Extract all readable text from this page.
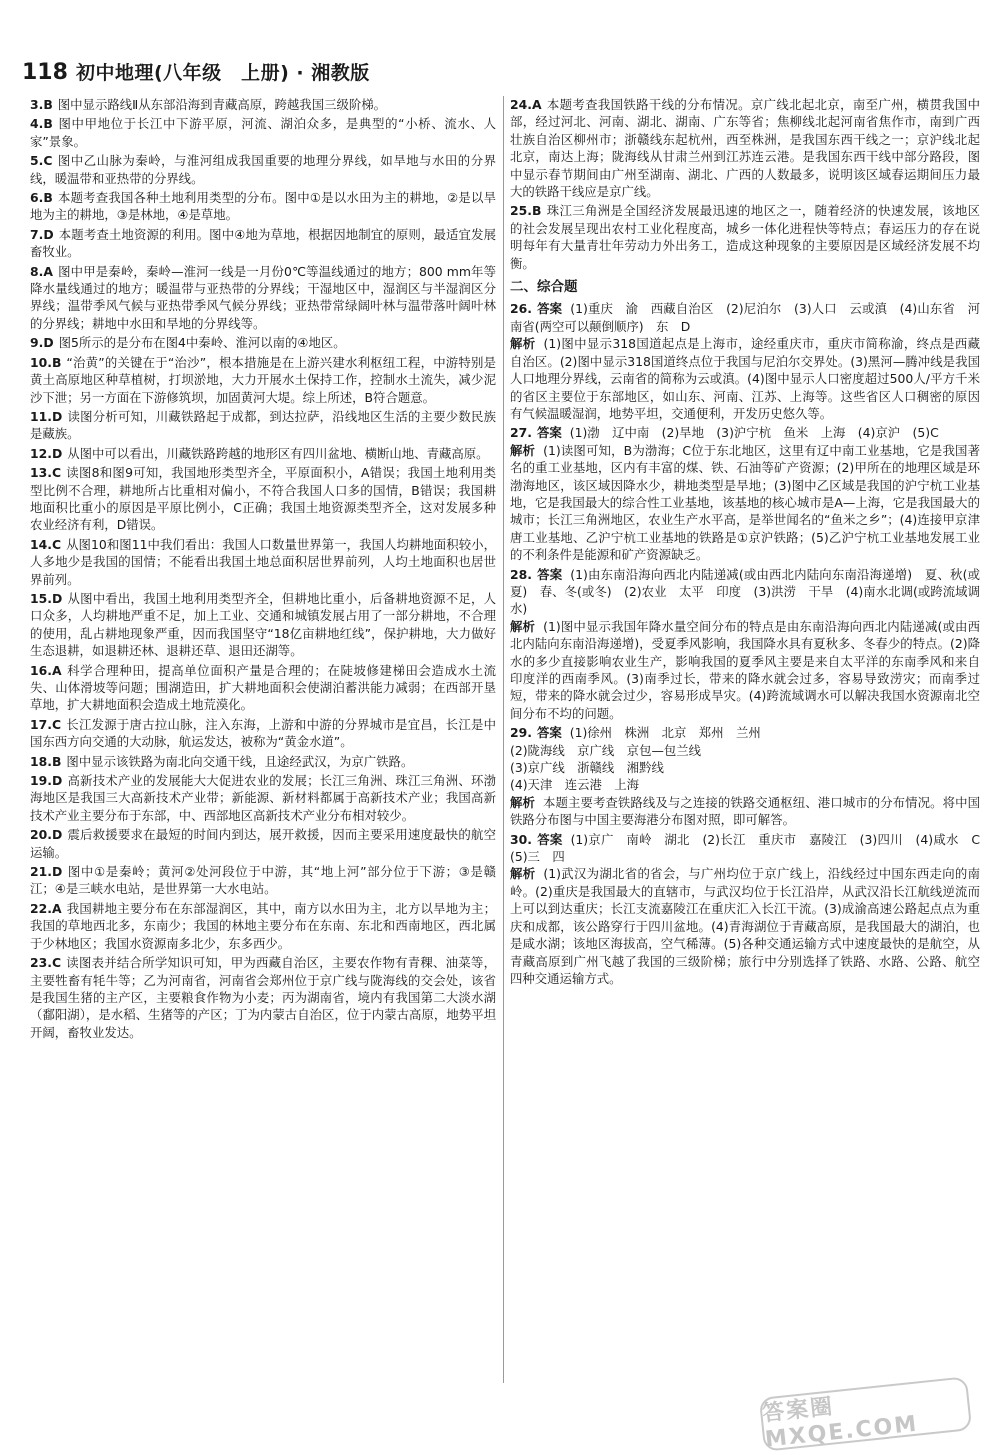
118 初中地理(八年级　上册) · 湘教版

3.B 图中显示路线Ⅱ从东部沿海到青藏高原，跨越我国三级阶梯。

4.B 图中甲地位于长江中下游平原，河流、湖泊众多，是典型的“小桥、流水、人家”景象。

5.C 图中乙山脉为秦岭，与淮河组成我国重要的地理分界线，如旱地与水田的分界线，暖温带和亚热带的分界线。

6.B 本题考查我国各种土地利用类型的分布。图中①是以水田为主的耕地，②是以旱地为主的耕地，③是林地，④是草地。

7.D 本题考查土地资源的利用。图中④地为草地，根据因地制宜的原则，最适宜发展畜牧业。

8.A 图中甲是秦岭，秦岭—淮河一线是一月份0℃等温线通过的地方；800 mm年等降水量线通过的地方；暖温带与亚热带的分界线；干湿地区中，湿润区与半湿润区分界线；温带季风气候与亚热带季风气候分界线；亚热带常绿阔叶林与温带落叶阔叶林的分界线；耕地中水田和旱地的分界线等。

9.D 图5所示的是分布在图4中秦岭、淮河以南的④地区。

10.B “治黄”的关键在于“治沙”，根本措施是在上游兴建水利枢纽工程，中游特别是黄土高原地区种草植树，打坝淤地，大力开展水土保持工作，控制水土流失，减少泥沙下泄；另一方面在下游修筑坝，加固黄河大堤。综上所述，B符合题意。

11.D 读图分析可知，川藏铁路起于成都，到达拉萨，沿线地区生活的主要少数民族是藏族。

12.D 从图中可以看出，川藏铁路跨越的地形区有四川盆地、横断山地、青藏高原。

13.C 读图8和图9可知，我国地形类型齐全，平原面积小，A错误；我国土地利用类型比例不合理，耕地所占比重相对偏小，不符合我国人口多的国情，B错误；我国耕地面积比重小的原因是平原比例小，C正确；我国土地资源类型齐全，这对发展多种农业经济有利，D错误。

14.C 从图10和图11中我们看出：我国人口数量世界第一，我国人均耕地面积较小，人多地少是我国的国情；不能看出我国土地总面积居世界前列，人均土地面积也居世界前列。

15.D 从图中看出，我国土地利用类型齐全，但耕地比重小，后备耕地资源不足，人口众多，人均耕地严重不足，加上工业、交通和城镇发展占用了一部分耕地，不合理的使用，乱占耕地现象严重，因而我国坚守“18亿亩耕地红线”，保护耕地，大力做好生态退耕，如退耕还林、退耕还草、退田还湖等。

16.A 科学合理种田，提高单位面积产量是合理的；在陡坡修建梯田会造成水土流失、山体滑坡等问题；围湖造田，扩大耕地面积会使湖泊蓄洪能力减弱；在西部开垦草地，扩大耕地面积会造成土地荒漠化。

17.C 长江发源于唐古拉山脉，注入东海，上游和中游的分界城市是宜昌，长江是中国东西方向交通的大动脉，航运发达，被称为“黄金水道”。

18.B 图中显示该铁路为南北向交通干线，且途经武汉，为京广铁路。

19.D 高新技术产业的发展能大大促进农业的发展；长江三角洲、珠江三角洲、环渤海地区是我国三大高新技术产业带；新能源、新材料都属于高新技术产业；我国高新技术产业主要分布于东部，中、西部地区高新技术产业分布相对较少。

20.D 震后救援要求在最短的时间内到达，展开救援，因而主要采用速度最快的航空运输。

21.D 图中①是秦岭；黄河②处河段位于中游，其“地上河”部分位于下游；③是赣江；④是三峡水电站，是世界第一大水电站。

22.A 我国耕地主要分布在东部湿润区，其中，南方以水田为主，北方以旱地为主；我国的草地西北多，东南少；我国的林地主要分布在东南、东北和西南地区，西北属于少林地区；我国水资源南多北少，东多西少。

23.C 读图表并结合所学知识可知，甲为西藏自治区，主要农作物有青稞、油菜等，主要牲畜有牦牛等；乙为河南省，河南省会郑州位于京广线与陇海线的交会处，该省是我国生猪的主产区，主要粮食作物为小麦；丙为湖南省，境内有我国第二大淡水湖（鄱阳湖），是水稻、生猪等的产区；丁为内蒙古自治区，位于内蒙古高原，地势平坦开阔，畜牧业发达。

24.A 本题考查我国铁路干线的分布情况。京广线北起北京，南至广州，横贯我国中部，经过河北、河南、湖北、湖南、广东等省；焦柳线北起河南省焦作市，南到广西壮族自治区柳州市；浙赣线东起杭州，西至株洲，是我国东西干线之一；京沪线北起北京，南达上海；陇海线从甘肃兰州到江苏连云港。是我国东西干线中部分路段，图中显示春节期间由广州至湖南、湖北、广西的人数最多，说明该区域春运期间压力最大的铁路干线应是京广线。

25.B 珠江三角洲是全国经济发展最迅速的地区之一，随着经济的快速发展，该地区的社会发展呈现出农村工业化程度高，城乡一体化进程快等特点；春运压力的存在说明每年有大量青壮年劳动力外出务工，造成这种现象的主要原因是区域经济发展不均衡。

二、综合题

26. 答案 (1)重庆　渝　西藏自治区　(2)尼泊尔　(3)人口　云或滇　(4)山东省　河南省(两空可以颠倒顺序)　东　D

解析 (1)图中显示318国道起点是上海市，途经重庆市，重庆市简称渝，终点是西藏自治区。(2)图中显示318国道终点位于我国与尼泊尔交界处。(3)黑河—腾冲线是我国人口地理分界线，云南省的简称为云或滇。(4)图中显示人口密度超过500人/平方千米的省区主要位于东部地区，如山东、河南、江苏、上海等。这些省区人口稠密的原因有气候温暖湿润，地势平坦，交通便利，开发历史悠久等。

27. 答案 (1)渤　辽中南　(2)旱地　(3)沪宁杭　鱼米　上海　(4)京沪　(5)C

解析 (1)读图可知，B为渤海；C位于东北地区，这里有辽中南工业基地，它是我国著名的重工业基地，区内有丰富的煤、铁、石油等矿产资源；(2)甲所在的地理区域是环渤海地区，该区域因降水少，耕地类型是旱地；(3)图中乙区域是我国的沪宁杭工业基地，它是我国最大的综合性工业基地，该基地的核心城市是A—上海，它是我国最大的城市；长江三角洲地区，农业生产水平高，是举世闻名的“鱼米之乡”；(4)连接甲京津唐工业基地、乙沪宁杭工业基地的铁路是①京沪铁路；(5)乙沪宁杭工业基地发展工业的不利条件是能源和矿产资源缺乏。

28. 答案 (1)由东南沿海向西北内陆递减(或由西北内陆向东南沿海递增)　夏、秋(或夏)　春、冬(或冬)　(2)农业　太平　印度　(3)洪涝　干旱　(4)南水北调(或跨流域调水)

解析 (1)图中显示我国年降水量空间分布的特点是由东南沿海向西北内陆递减(或由西北内陆向东南沿海递增)，受夏季风影响，我国降水具有夏秋多、冬春少的特点。(2)降水的多少直接影响农业生产，影响我国的夏季风主要是来自太平洋的东南季风和来自印度洋的西南季风。(3)南季过长，带来的降水就会过多，容易导致涝灾；而南季过短，带来的降水就会过少，容易形成旱灾。(4)跨流域调水可以解决我国水资源南北空间分布不均的问题。

29. 答案 (1)徐州　株洲　北京　郑州　兰州

(2)陇海线　京广线　京包—包兰线

(3)京广线　浙赣线　湘黔线

(4)天津　连云港　上海

解析 本题主要考查铁路线及与之连接的铁路交通枢纽、港口城市的分布情况。将中国铁路分布图与中国主要海港分布图对照，即可解答。

30. 答案 (1)京广　南岭　湖北　(2)长江　重庆市　嘉陵江　(3)四川　(4)咸水　C　(5)三　四

解析 (1)武汉为湖北省的省会，与广州均位于京广线上，沿线经过中国东西走向的南岭。(2)重庆是我国最大的直辖市，与武汉均位于长江沿岸，从武汉沿长江航线逆流而上可以到达重庆；长江支流嘉陵江在重庆汇入长江干流。(3)成渝高速公路起点点为重庆和成都，该公路穿行于四川盆地。(4)青海湖位于青藏高原，是我国最大的湖泊，也是咸水湖；该地区海拔高，空气稀薄。(5)各种交通运输方式中速度最快的是航空，从青藏高原到广州飞越了我国的三级阶梯；旅行中分别选择了铁路、水路、公路、航空四种交通运输方式。

答案圈 MXQE.COM
